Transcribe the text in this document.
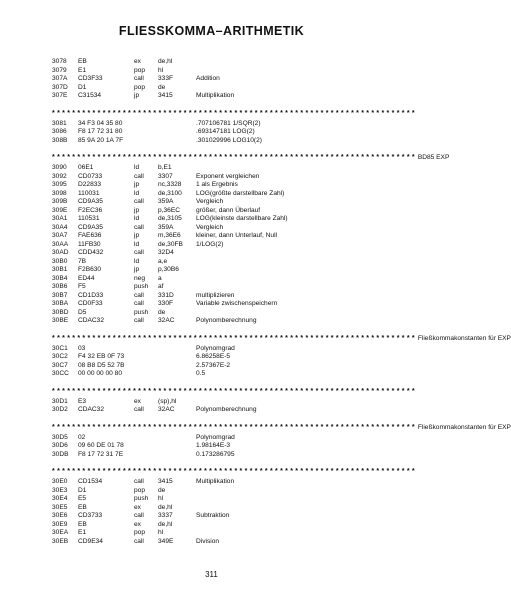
FLIESSKOMMA–ARITHMETIK
3078	EB	ex	de,hl
3079	E1	pop	hl
307A	CD3F33	call	333F	Addition
307D	D1	pop	de
307E	C31534	jp	3415	Multiplikation
* * * * * * * * * * * * * * * * * * * * * * * * * * * * * * * * * * * * * * * * * * * * * * * * * * * * * * * * * * * * * * * * * * * * * * * *
3081	34 F3 04 35 80	.707106781 1/SQR(2)
3086	F8 17 72 31 80	.693147181 LOG(2)
308B	85 9A 20 1A 7F	.301029996 LOG10(2)
* * * * * * * * * * * * * * * * * * * * * * * * * * * * * * * * * * * * * * * * * * * * * * * * * * * * * * * * * * * * * * * * * * * * * * * * BD85 EXP
3090	06E1	ld	b,E1
3092	CD0733	call	3307	Exponent vergleichen
3095	D22833	jp	nc,3328	1 als Ergebnis
3098	110031	ld	de,3100	LOG(größte darstellbare Zahl)
309B	CD9A35	call	359A	Vergleich
309E	F2EC36	jp	p,36EC	größer, dann Überlauf
30A1	110531	ld	de,3105	LOG(kleinste darstellbare Zahl)
30A4	CD9A35	call	359A	Vergleich
30A7	FAE636	jp	m,36E6	kleiner, dann Unterlauf, Null
30AA	11FB30	ld	de,30FB	1/LOG(2)
30AD	CDD432	call	32D4
30B0	7B	ld	a,e
30B1	F2B630	jp	p,30B6
30B4	ED44	neg	a
30B6	F5	push	af
30B7	CD1D33	call	331D	multiplizieren
30BA	CD0F33	call	330F	Variable zwischenspeichern
30BD	D5	push	de
30BE	CDAC32	call	32AC	Polynomberechnung
* * * * * * * * * * * * * * * * * * * * * * * * * * * * * * * * * * * * * * * * * * * * * * * * * * * * * * * * * * * * * * * * * * * * * * * * Fließkommakonstanten für EXP
30C1	03	Polynomgrad
30C2	F4 32 EB 0F 73	6.86258E-5
30C7	08 B8 D5 52 7B	2.57367E-2
30CC	00 00 00 00 80	0.5
* * * * * * * * * * * * * * * * * * * * * * * * * * * * * * * * * * * * * * * * * * * * * * * * * * * * * * * * * * * * * * * * * * * * * * * *
30D1	E3	ex	(sp),hl
30D2	CDAC32	call	32AC	Polynomberechnung
* * * * * * * * * * * * * * * * * * * * * * * * * * * * * * * * * * * * * * * * * * * * * * * * * * * * * * * * * * * * * * * * * * * * * * * * Fließkommakonstanten für EXP
30D5	02	Polynomgrad
30D6	09 60 DE 01 78	1.98164E-3
30DB	F8 17 72 31 7E	0.173286795
* * * * * * * * * * * * * * * * * * * * * * * * * * * * * * * * * * * * * * * * * * * * * * * * * * * * * * * * * * * * * * * * * * * * * * * *
30E0	CD1534	call	3415	Multiplikation
30E3	D1	pop	de
30E4	E5	push	hl
30E5	EB	ex	de,hl
30E6	CD3733	call	3337	Subtraktion
30E9	EB	ex	de,hl
30EA	E1	pop	hl
30EB	CD9E34	call	349E	Division
311
